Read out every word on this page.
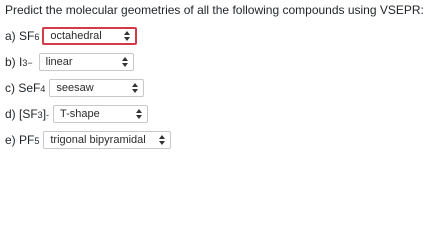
Predict the molecular geometries of all the following compounds using VSEPR:
a) SF 6 octahedral
b) I 3 − linear
c) SeF 4 seesaw
d) [SF 3 ] - T-shape
e) PF 5 trigonal bipyramidal
